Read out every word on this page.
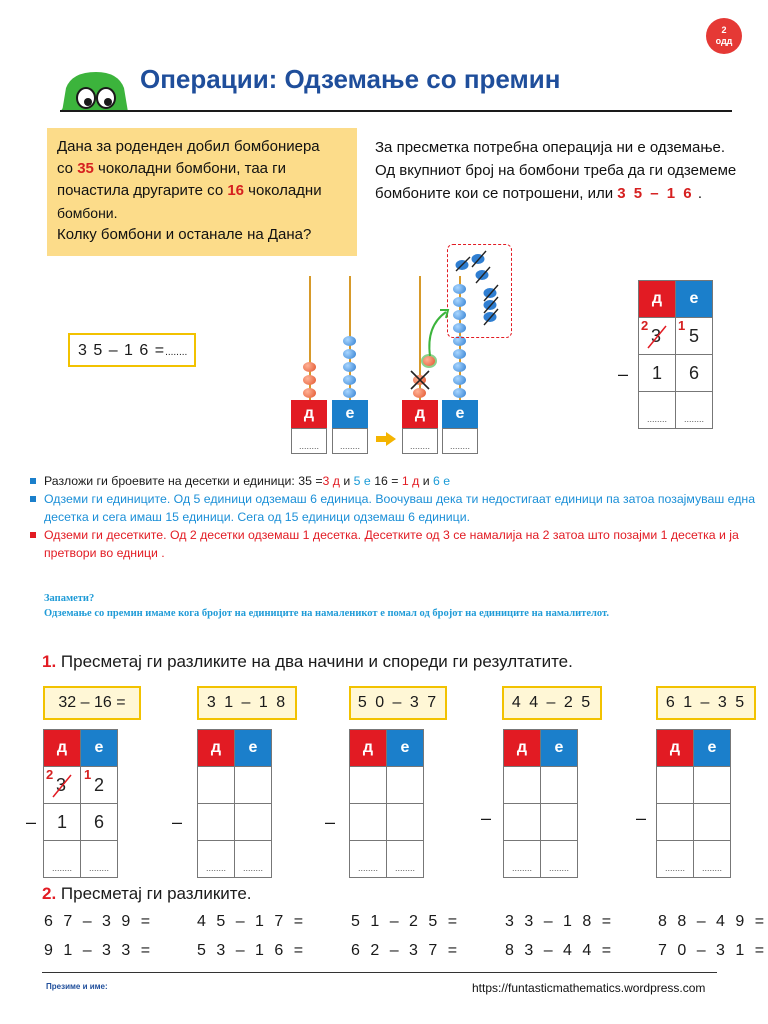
2
одд
Операции: Одземање со премин
Дана за роденден добил бомбониера
со 35 чоколадни бомбони, таа ги
почастила другарите со 16 чоколадни
бомбони.
Колку бомбони и останале на Дана?
За пресметка потребна операција ни е одземање. Од вкупниот број на бомбони треба да ги одземеме бомбоните кои се потрошени, или 3 5 – 1 6 .
3 5 – 1 6 =........
д	е	д	е
........	........	........	........
д	е

3	5
1	6
........	........
2 1
–
Разложи ги броевите на десетки и единици: 35 =3 д и 5 е 16 = 1 д и 6 е
Одземи ги единиците. Од 5 единици одземаш 6 единица. Воочуваш дека ти недостигаат единици па затоа позајмуваш една десетка и сега имаш 15 единици. Сега од 15 единици одземаш 6 единици.
Одземи ги десетките. Од 2 десетки одземаш 1 десетка. Десетките од 3 се намалија на 2 затоа што позајми 1 десетка и ја претвори во едници .
Запамети?
Одземање со премин имаме кога бројот на единиците на намаленикот е помал од бројот на единиците на намалителот.
1. Пресметај ги разликите на два начини и спореди ги резултатите.
32 – 16 =	3 1 – 1 8	5 0 – 3 7	4 4 – 2 5	6 1 – 3 5
д	е

3	2
1	6
........	........
2 1
–
д	е

........	........
–
д	е

........	........
–
д	е

........	........
–
д	е

........	........
–
2. Пресметај ги разликите.
6 7 – 3 9 =	4 5 – 1 7 =	5 1 – 2 5 =	3 3 – 1 8 =	8 8 – 4 9 =
9 1 – 3 3 =	5 3 – 1 6 =	6 2 – 3 7 =	8 3 – 4 4 =	7 0 – 3 1 =
Презиме и име:	https://funtasticmathematics.wordpress.com
